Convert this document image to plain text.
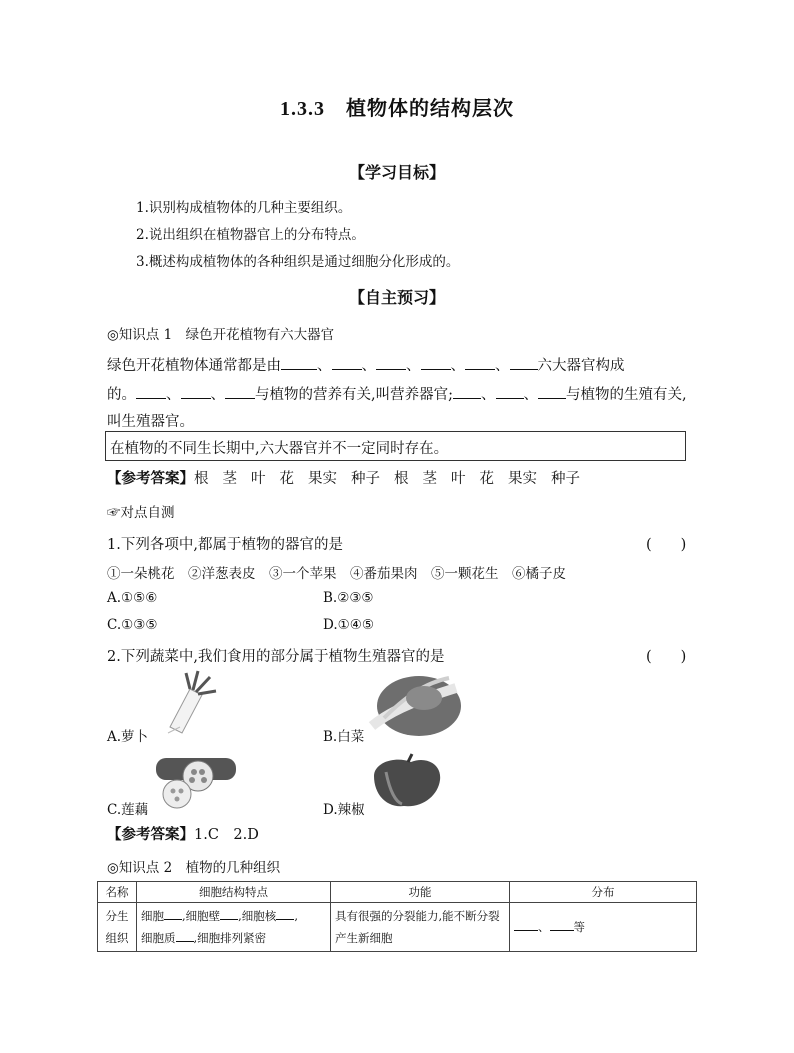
1.3.3　植物体的结构层次
【学习目标】
1.识别构成植物体的几种主要组织。
2.说出组织在植物器官上的分布特点。
3.概述构成植物体的各种组织是通过细胞分化形成的。
【自主预习】
◎知识点 1　绿色开花植物有六大器官
绿色开花植物体通常都是由 、 、 、 、 、 六大器官构成
的。 、 、 与植物的营养有关,叫营养器官; 、 、 与植物的生殖有关,
叫生殖器官。
在植物的不同生长期中,六大器官并不一定同时存在。
【参考答案】根 茎 叶 花 果实 种子 根 茎 叶 花 果实 种子
☞对点自测
1.下列各项中,都属于植物的器官的是	(　　)
①一朵桃花　②洋葱表皮　③一个苹果　④番茄果肉　⑤一颗花生　⑥橘子皮
A.①⑤⑥	B.②③⑤
C.①③⑤	D.①④⑤
2.下列蔬菜中,我们食用的部分属于植物生殖器官的是	(　　)
A.萝卜	B.白菜
C.莲藕	D.辣椒
【参考答案】1.C　2.D
◎知识点 2　植物的几种组织
名称	细胞结构特点	功能	分布
分生组织	细胞 ,细胞壁 ,细胞核 ,
细胞质 ,细胞排列紧密	具有很强的分裂能力,能不断分裂产生新细胞	、 等
